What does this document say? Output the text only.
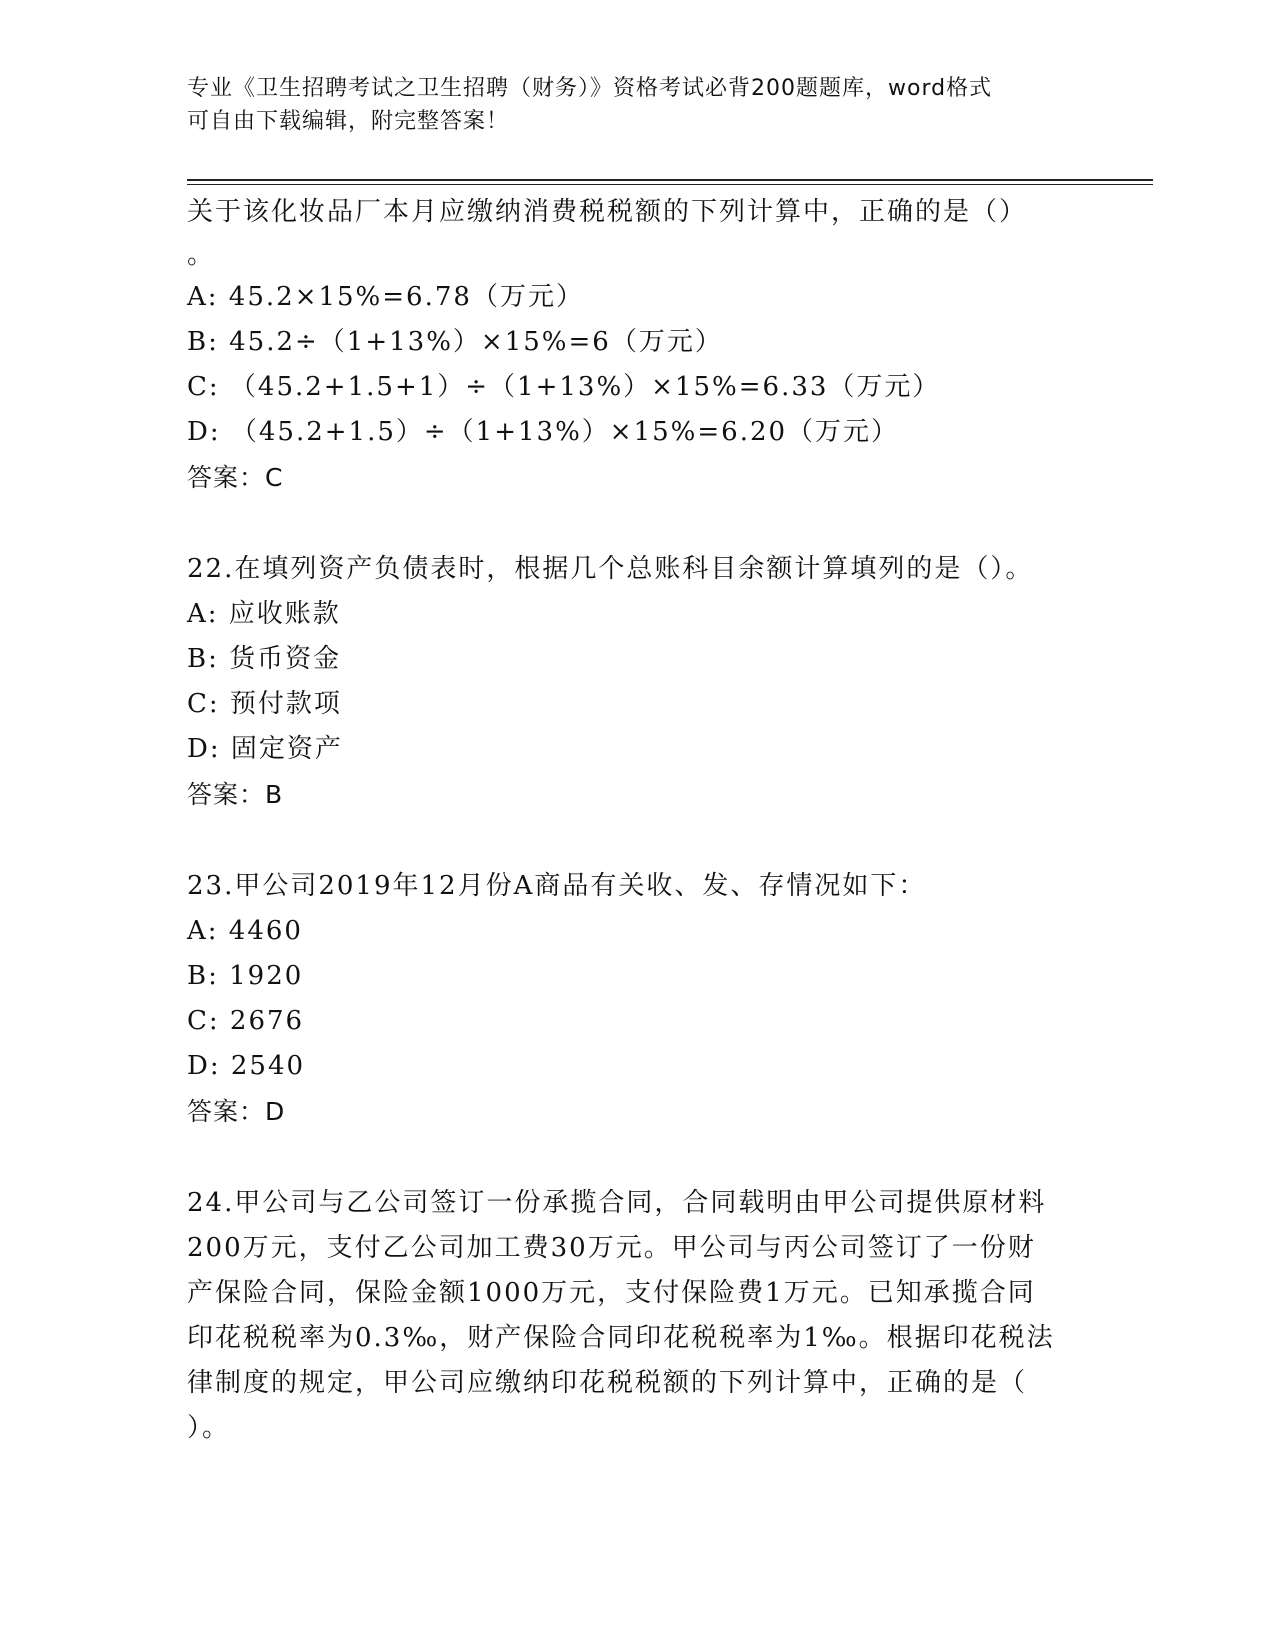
专业《卫生招聘考试之卫生招聘（财务）》资格考试必背200题题库，word格式
可自由下载编辑，附完整答案！
关于该化妆品厂本月应缴纳消费税税额的下列计算中，正确的是（）
。
A: 45.2×15%=6.78（万元）
B: 45.2÷（1+13%）×15%=6（万元）
C: （45.2+1.5+1）÷（1+13%）×15%=6.33（万元）
D: （45.2+1.5）÷（1+13%）×15%=6.20（万元）
答案：C
22.在填列资产负债表时，根据几个总账科目余额计算填列的是（）。
A: 应收账款
B: 货币资金
C: 预付款项
D: 固定资产
答案：B
23.甲公司2019年12月份A商品有关收、发、存情况如下：
A: 4460
B: 1920
C: 2676
D: 2540
答案：D
24.甲公司与乙公司签订一份承揽合同，合同载明由甲公司提供原材料
200万元，支付乙公司加工费30万元。甲公司与丙公司签订了一份财
产保险合同，保险金额1000万元，支付保险费1万元。已知承揽合同
印花税税率为0.3‰，财产保险合同印花税税率为1‰。根据印花税法
律制度的规定，甲公司应缴纳印花税税额的下列计算中，正确的是（
）。
